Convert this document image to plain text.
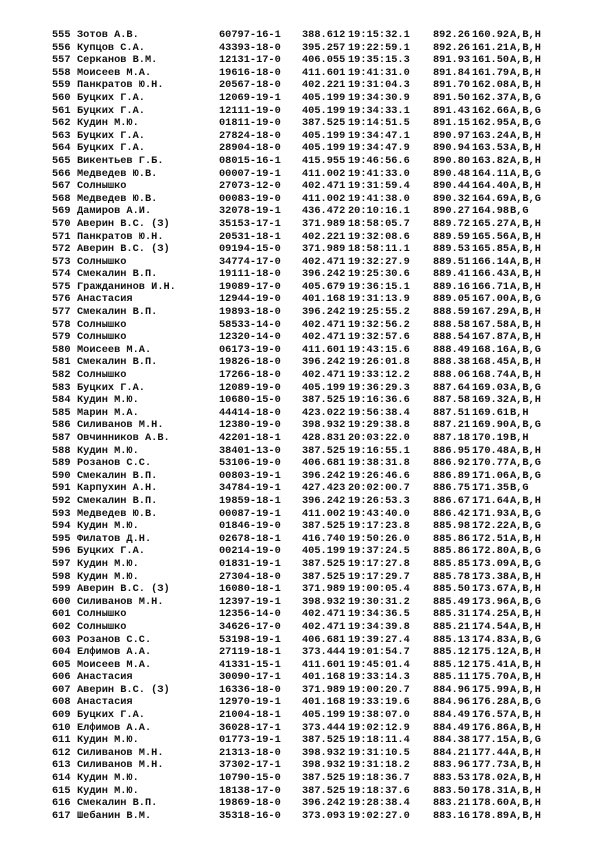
555 Зотов А.В.	60797-16-1 388.612 19:15:32.1 892.26 160.92 A,B,H
556 Купцов С.А.	43393-18-0 395.257 19:22:59.1 892.26 161.21 A,B,H
557 Серканов В.М.	12131-17-0 406.055 19:35:15.3 891.93 161.50 A,B,H
558 Моисеев М.А.	19616-18-0 411.601 19:41:31.0 891.84 161.79 A,B,H
559 Панкратов Ю.Н.	20567-18-0 402.221 19:31:04.3 891.70 162.08 A,B,H
560 Буцких Г.А.	12069-19-1 405.199 19:34:30.9 891.50 162.37 A,B,G
561 Буцких Г.А.	12111-19-0 405.199 19:34:33.1 891.43 162.66 A,B,G
562 Кудин М.Ю.	01811-19-0 387.525 19:14:51.5 891.15 162.95 A,B,G
563 Буцких Г.А.	27824-18-0 405.199 19:34:47.1 890.97 163.24 A,B,H
564 Буцких Г.А.	28904-18-0 405.199 19:34:47.9 890.94 163.53 A,B,H
565 Викентьев Г.Б.	08015-16-1 415.955 19:46:56.6 890.80 163.82 A,B,H
566 Медведев Ю.В.	00007-19-1 411.002 19:41:33.0 890.48 164.11 A,B,G
567 Солнышко	27073-12-0 402.471 19:31:59.4 890.44 164.40 A,B,H
568 Медведев Ю.В.	00083-19-0 411.002 19:41:38.0 890.32 164.69 A,B,G
569 Дамиров А.И.	32078-19-1 436.472 20:10:16.1 890.27 164.98 B,G
570 Аверин В.С. (З)	35153-17-1 371.989 18:58:05.7 889.72 165.27 A,B,H
571 Панкратов Ю.Н.	20531-18-1 402.221 19:32:08.6 889.59 165.56 A,B,H
572 Аверин В.С. (З)	09194-15-0 371.989 18:58:11.1 889.53 165.85 A,B,H
573 Солнышко	34774-17-0 402.471 19:32:27.9 889.51 166.14 A,B,H
574 Смекалин В.П.	19111-18-0 396.242 19:25:30.6 889.41 166.43 A,B,H
575 Гражданинов И.Н.	19089-17-0 405.679 19:36:15.1 889.16 166.71 A,B,H
576 Анастасия	12944-19-0 401.168 19:31:13.9 889.05 167.00 A,B,G
577 Смекалин В.П.	19893-18-0 396.242 19:25:55.2 888.59 167.29 A,B,H
578 Солнышко	58533-14-0 402.471 19:32:56.2 888.58 167.58 A,B,H
579 Солнышко	12320-14-0 402.471 19:32:57.6 888.54 167.87 A,B,H
580 Моисеев М.А.	06173-19-0 411.601 19:43:15.6 888.49 168.16 A,B,G
581 Смекалин В.П.	19826-18-0 396.242 19:26:01.8 888.38 168.45 A,B,H
582 Солнышко	17266-18-0 402.471 19:33:12.2 888.06 168.74 A,B,H
583 Буцких Г.А.	12089-19-0 405.199 19:36:29.3 887.64 169.03 A,B,G
584 Кудин М.Ю.	10680-15-0 387.525 19:16:36.6 887.58 169.32 A,B,H
585 Марин М.А.	44414-18-0 423.022 19:56:38.4 887.51 169.61 B,H
586 Силиванов М.Н.	12380-19-0 398.932 19:29:38.8 887.21 169.90 A,B,G
587 Овчинников А.В.	42201-18-1 428.831 20:03:22.0 887.18 170.19 B,H
588 Кудин М.Ю.	38401-13-0 387.525 19:16:55.1 886.95 170.48 A,B,H
589 Розанов С.С.	53106-19-0 406.681 19:38:31.8 886.92 170.77 A,B,G
590 Смекалин В.П.	00803-19-1 396.242 19:26:46.6 886.89 171.06 A,B,G
591 Карпухин А.Н.	34784-19-1 427.423 20:02:00.7 886.75 171.35 B,G
592 Смекалин В.П.	19859-18-1 396.242 19:26:53.3 886.67 171.64 A,B,H
593 Медведев Ю.В.	00087-19-1 411.002 19:43:40.0 886.42 171.93 A,B,G
594 Кудин М.Ю.	01846-19-0 387.525 19:17:23.8 885.98 172.22 A,B,G
595 Филатов Д.Н.	02678-18-1 416.740 19:50:26.0 885.86 172.51 A,B,H
596 Буцких Г.А.	00214-19-0 405.199 19:37:24.5 885.86 172.80 A,B,G
597 Кудин М.Ю.	01831-19-1 387.525 19:17:27.8 885.85 173.09 A,B,G
598 Кудин М.Ю.	27304-18-0 387.525 19:17:29.7 885.78 173.38 A,B,H
599 Аверин В.С. (З)	16080-18-1 371.989 19:00:05.4 885.50 173.67 A,B,H
600 Силиванов М.Н.	12397-19-1 398.932 19:30:31.2 885.49 173.96 A,B,G
601 Солнышко	12356-14-0 402.471 19:34:36.5 885.31 174.25 A,B,H
602 Солнышко	34626-17-0 402.471 19:34:39.8 885.21 174.54 A,B,H
603 Розанов С.С.	53198-19-1 406.681 19:39:27.4 885.13 174.83 A,B,G
604 Елфимов А.А.	27119-18-1 373.444 19:01:54.7 885.12 175.12 A,B,H
605 Моисеев М.А.	41331-15-1 411.601 19:45:01.4 885.12 175.41 A,B,H
606 Анастасия	30090-17-1 401.168 19:33:14.3 885.11 175.70 A,B,H
607 Аверин В.С. (З)	16336-18-0 371.989 19:00:20.7 884.96 175.99 A,B,H
608 Анастасия	12970-19-1 401.168 19:33:19.6 884.96 176.28 A,B,G
609 Буцких Г.А.	21004-18-1 405.199 19:38:07.0 884.49 176.57 A,B,H
610 Елфимов А.А.	36028-17-1 373.444 19:02:12.9 884.49 176.86 A,B,H
611 Кудин М.Ю.	01773-19-1 387.525 19:18:11.4 884.38 177.15 A,B,G
612 Силиванов М.Н.	21313-18-0 398.932 19:31:10.5 884.21 177.44 A,B,H
613 Силиванов М.Н.	37302-17-1 398.932 19:31:18.2 883.96 177.73 A,B,H
614 Кудин М.Ю.	10790-15-0 387.525 19:18:36.7 883.53 178.02 A,B,H
615 Кудин М.Ю.	18138-17-0 387.525 19:18:37.6 883.50 178.31 A,B,H
616 Смекалин В.П.	19869-18-0 396.242 19:28:38.4 883.21 178.60 A,B,H
617 Шебанин В.М.	35318-16-0 373.093 19:02:27.0 883.16 178.89 A,B,H
